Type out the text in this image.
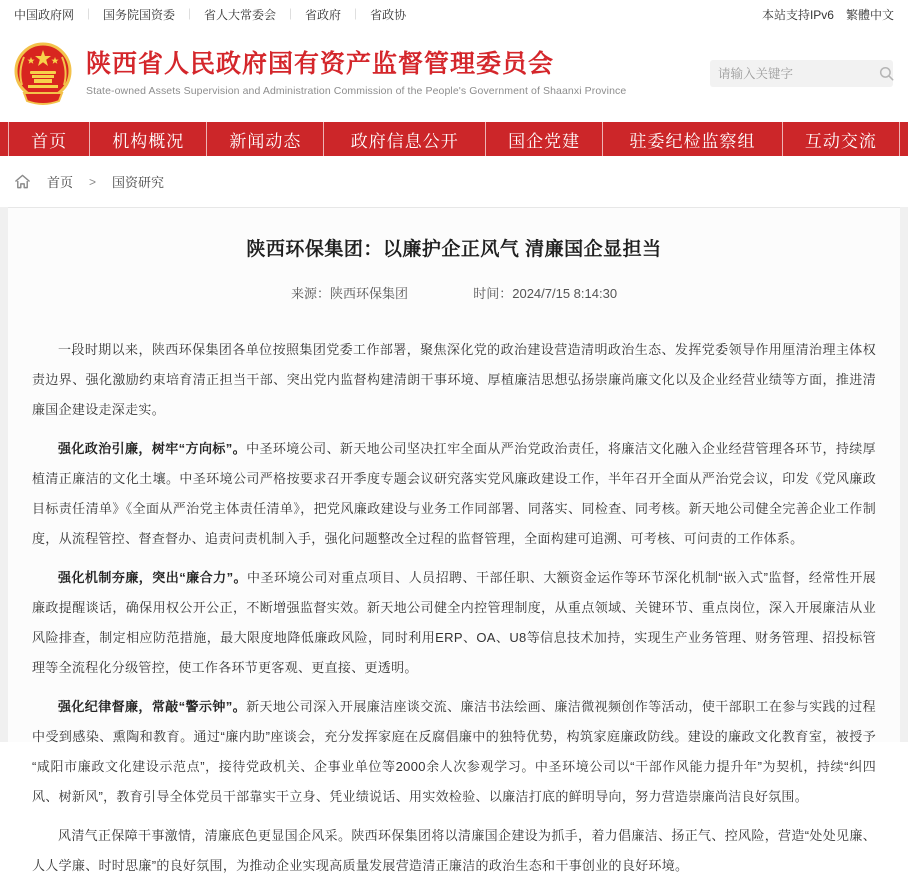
中国政府网 ｜ 国务院国资委 ｜ 省人大常委会 ｜ 省政府 ｜ 省政协	本站支持IPv6 繁體中文
陕西省人民政府国有资产监督管理委员会
State-owned Assets Supervision and Administration Commission of the People's Government of Shaanxi Province
请输入关键字
首页	机构概况	新闻动态	政府信息公开	国企党建	驻委纪检监察组	互动交流
首页 > 国资研究
陕西环保集团：以廉护企正风气 清廉国企显担当
来源：陕西环保集团	时间：2024/7/15 8:14:30

一段时期以来，陕西环保集团各单位按照集团党委工作部署，聚焦深化党的政治建设营造清明政治生态、发挥党委领导作用厘清治理主体权责边界、强化激励约束培育清正担当干部、突出党内监督构建清朗干事环境、厚植廉洁思想弘扬崇廉尚廉文化以及企业经营业绩等方面，推进清廉国企建设走深走实。

强化政治引廉，树牢“方向标”。中圣环境公司、新天地公司坚决扛牢全面从严治党政治责任，将廉洁文化融入企业经营管理各环节，持续厚植清正廉洁的文化土壤。中圣环境公司严格按要求召开季度专题会议研究落实党风廉政建设工作，半年召开全面从严治党会议，印发《党风廉政目标责任清单》《全面从严治党主体责任清单》，把党风廉政建设与业务工作同部署、同落实、同检查、同考核。新天地公司健全完善企业工作制度，从流程管控、督查督办、追责问责机制入手，强化问题整改全过程的监督管理，全面构建可追溯、可考核、可问责的工作体系。

强化机制夯廉，突出“廉合力”。中圣环境公司对重点项目、人员招聘、干部任职、大额资金运作等环节深化机制“嵌入式”监督，经常性开展廉政提醒谈话，确保用权公开公正，不断增强监督实效。新天地公司健全内控管理制度，从重点领域、关键环节、重点岗位，深入开展廉洁从业风险排查，制定相应防范措施，最大限度地降低廉政风险，同时利用ERP、OA、U8等信息技术加持，实现生产业务管理、财务管理、招投标管理等全流程化分级管控，使工作各环节更客观、更直接、更透明。

强化纪律督廉，常敲“警示钟”。新天地公司深入开展廉洁座谈交流、廉洁书法绘画、廉洁微视频创作等活动，使干部职工在参与实践的过程中受到感染、熏陶和教育。通过“廉内助”座谈会，充分发挥家庭在反腐倡廉中的独特优势，构筑家庭廉政防线。建设的廉政文化教育室，被授予“咸阳市廉政文化建设示范点”，接待党政机关、企事业单位等2000余人次参观学习。中圣环境公司以“干部作风能力提升年”为契机，持续“纠四风、树新风”，教育引导全体党员干部靠实干立身、凭业绩说话、用实效检验、以廉洁打底的鲜明导向，努力营造崇廉尚洁良好氛围。

风清气正保障干事激情，清廉底色更显国企风采。陕西环保集团将以清廉国企建设为抓手，着力倡廉洁、扬正气、控风险，营造“处处见廉、人人学廉、时时思廉”的良好氛围，为推动企业实现高质量发展营造清正廉洁的政治生态和干事创业的良好环境。
